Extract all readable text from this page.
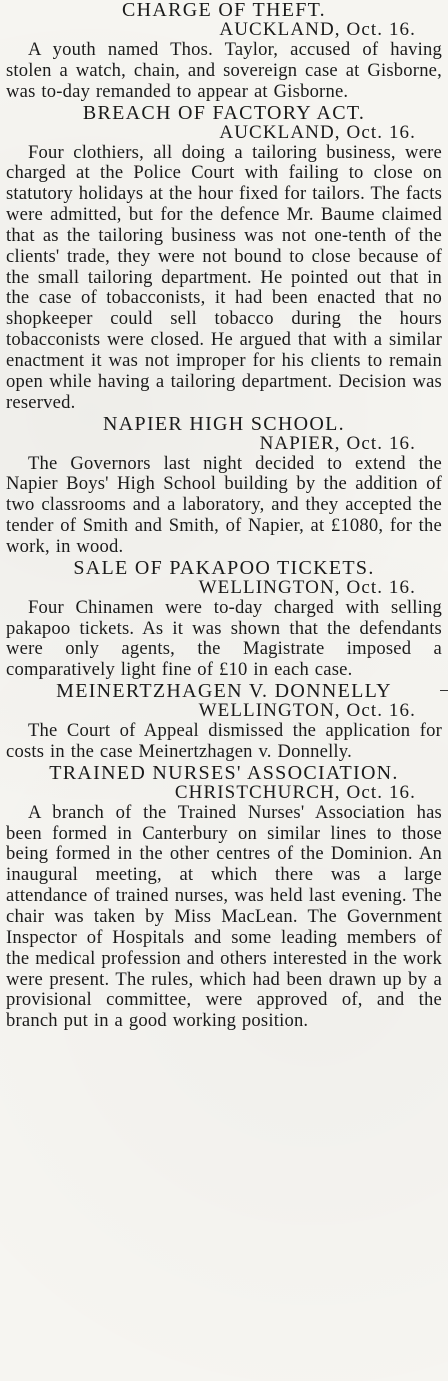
CHARGE OF THEFT.
AUCKLAND, Oct. 16.

A youth named Thos. Taylor, accused of having stolen a watch, chain, and sovereign case at Gisborne, was to-day remanded to appear at Gisborne.

BREACH OF FACTORY ACT.
AUCKLAND, Oct. 16.

Four clothiers, all doing a tailoring business, were charged at the Police Court with failing to close on statutory holidays at the hour fixed for tailors. The facts were admitted, but for the defence Mr. Baume claimed that as the tailoring business was not one-tenth of the clients' trade, they were not bound to close because of the small tailoring department. He pointed out that in the case of tobacconists, it had been enacted that no shopkeeper could sell tobacco during the hours tobacconists were closed. He argued that with a similar enactment it was not improper for his clients to remain open while having a tailoring department. Decision was reserved.

NAPIER HIGH SCHOOL.
NAPIER, Oct. 16.

The Governors last night decided to extend the Napier Boys' High School building by the addition of two classrooms and a laboratory, and they accepted the tender of Smith and Smith, of Napier, at £1080, for the work, in wood.

SALE OF PAKAPOO TICKETS.
WELLINGTON, Oct. 16.

Four Chinamen were to-day charged with selling pakapoo tickets. As it was shown that the defendants were only agents, the Magistrate imposed a comparatively light fine of £10 in each case.

MEINERTZHAGEN V. DONNELLY
WELLINGTON, Oct. 16.

The Court of Appeal dismissed the application for costs in the case Meinertzhagen v. Donnelly.

TRAINED NURSES' ASSOCIATION.
CHRISTCHURCH, Oct. 16.

A branch of the Trained Nurses' Association has been formed in Canterbury on similar lines to those being formed in the other centres of the Dominion. An inaugural meeting, at which there was a large attendance of trained nurses, was held last evening. The chair was taken by Miss MacLean. The Government Inspector of Hospitals and some leading members of the medical profession and others interested in the work were present. The rules, which had been drawn up by a provisional committee, were approved of, and the branch put in a good working position.
